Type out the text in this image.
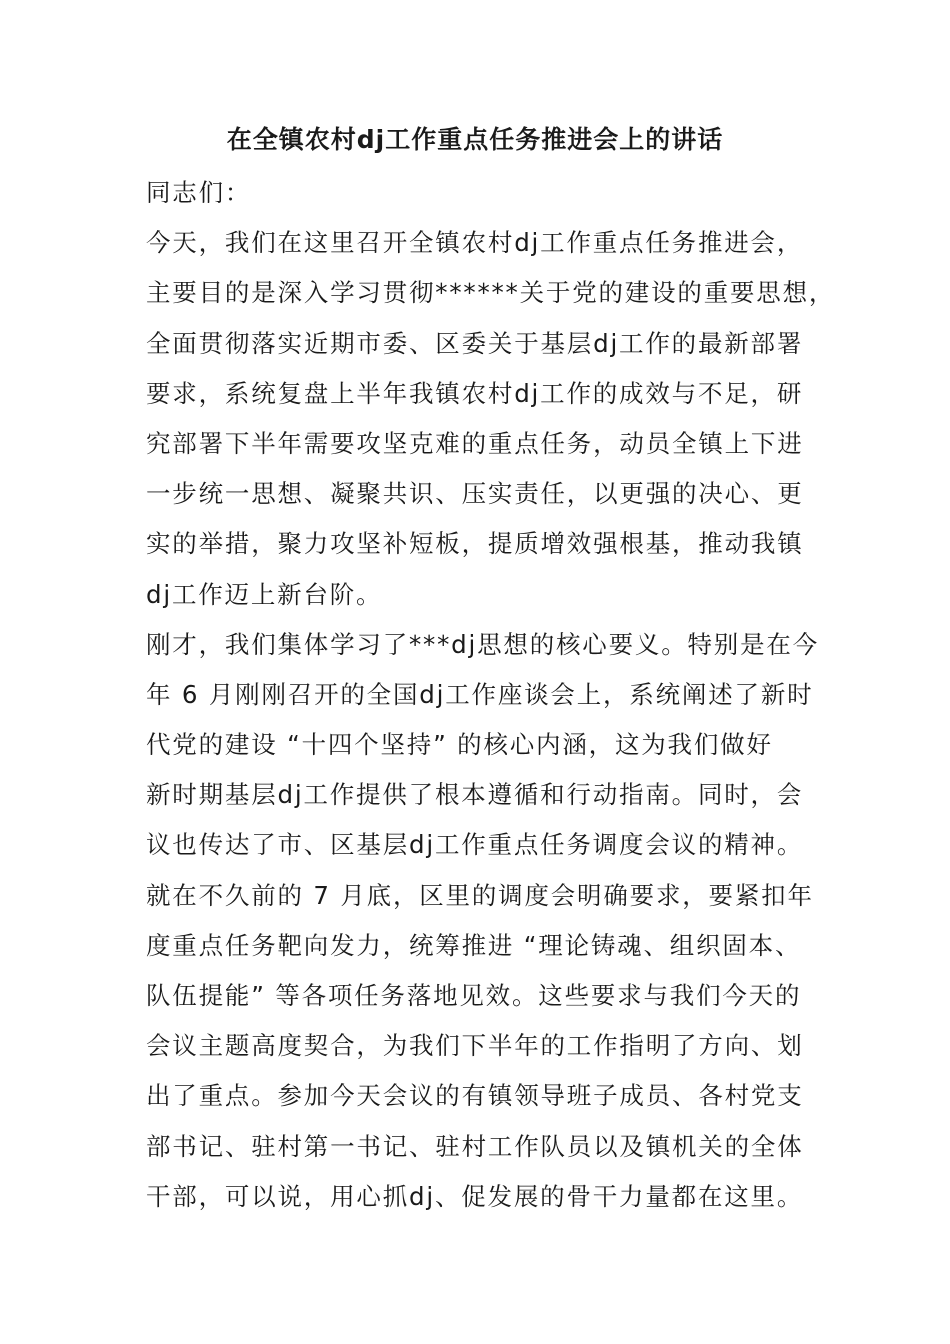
在全镇农村dj工作重点任务推进会上的讲话
同志们：
今天，我们在这里召开全镇农村dj工作重点任务推进会，
主要目的是深入学习贯彻******关于党的建设的重要思想，
全面贯彻落实近期市委、区委关于基层dj工作的最新部署
要求，系统复盘上半年我镇农村dj工作的成效与不足，研
究部署下半年需要攻坚克难的重点任务，动员全镇上下进
一步统一思想、凝聚共识、压实责任，以更强的决心、更
实的举措，聚力攻坚补短板，提质增效强根基，推动我镇
dj工作迈上新台阶。
刚才，我们集体学习了***dj思想的核心要义。特别是在今
年 6 月刚刚召开的全国dj工作座谈会上，系统阐述了新时
代党的建设 “十四个坚持” 的核心内涵，这为我们做好
新时期基层dj工作提供了根本遵循和行动指南。同时，会
议也传达了市、区基层dj工作重点任务调度会议的精神。
就在不久前的 7 月底，区里的调度会明确要求，要紧扣年
度重点任务靶向发力，统筹推进 “理论铸魂、组织固本、
队伍提能” 等各项任务落地见效。这些要求与我们今天的
会议主题高度契合，为我们下半年的工作指明了方向、划
出了重点。参加今天会议的有镇领导班子成员、各村党支
部书记、驻村第一书记、驻村工作队员以及镇机关的全体
干部，可以说，用心抓dj、促发展的骨干力量都在这里。
